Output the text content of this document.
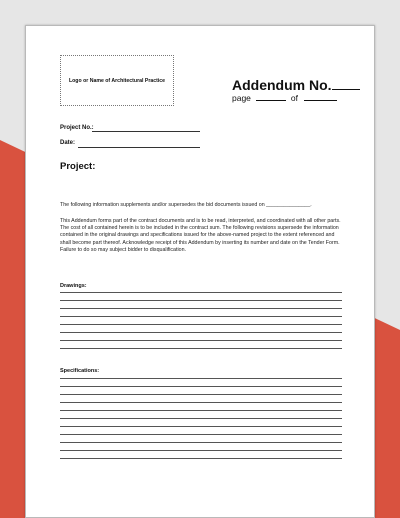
Logo or Name of Architectural Practice	Addendum No.
page	of
Project No.:
Date:
Project:
The following information supplements and/or supersedes the bid documents issued on _______________.
This Addendum forms part of the contract documents and is to be read, interpreted, and coordinated with all other parts. The cost of all contained herein is to be included in the contract sum. The following revisions supersede the information contained in the original drawings and specifications issued for the above-named project to the extent referenced and shall become part thereof. Acknowledge receipt of this Addendum by inserting its number and date on the Tender Form. Failure to do so may subject bidder to disqualification.
Drawings:
Specifications:
